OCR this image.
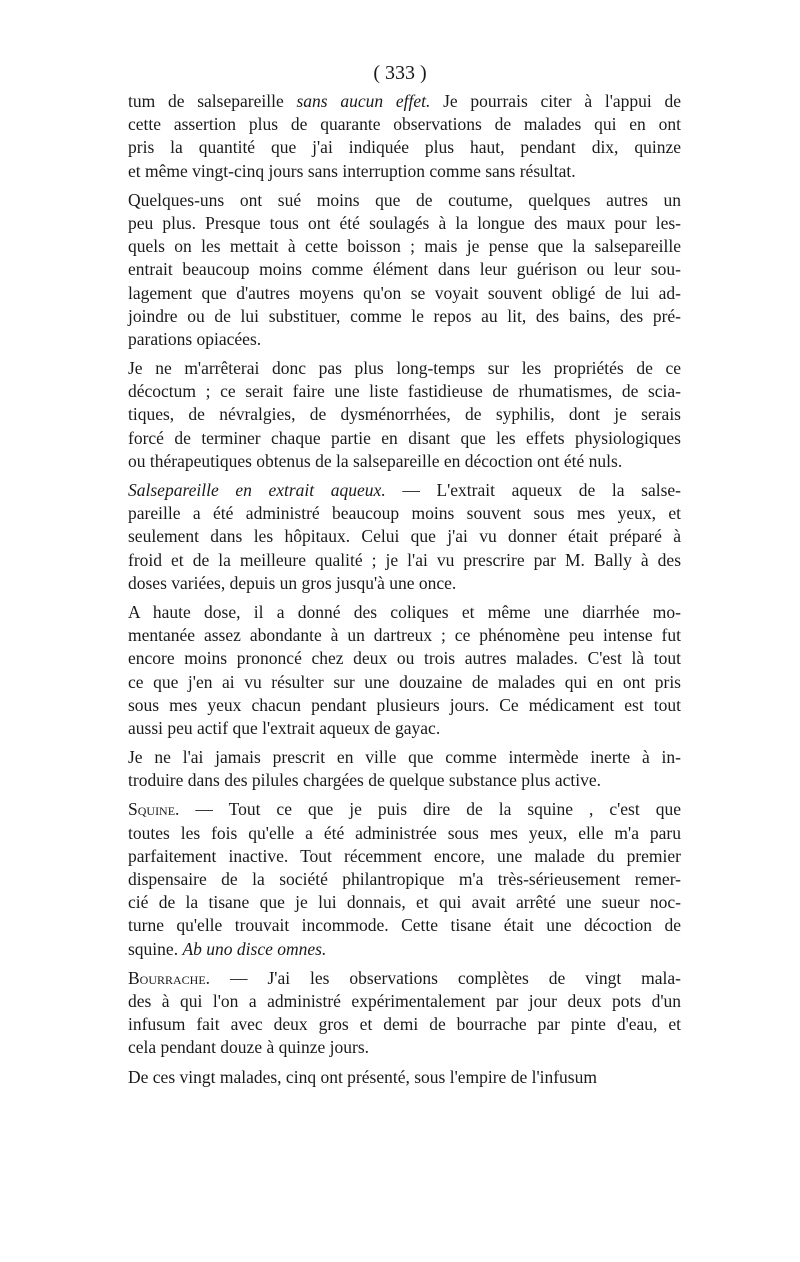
( 333 )
tum de salsepareille sans aucun effet. Je pourrais citer à l'appui de
cette assertion plus de quarante observations de malades qui en ont
pris la quantité que j'ai indiquée plus haut, pendant dix, quinze
et même vingt-cinq jours sans interruption comme sans résultat.
Quelques-uns ont sué moins que de coutume, quelques autres un
peu plus. Presque tous ont été soulagés à la longue des maux pour les-
quels on les mettait à cette boisson ; mais je pense que la salsepareille
entrait beaucoup moins comme élément dans leur guérison ou leur sou-
lagement que d'autres moyens qu'on se voyait souvent obligé de lui ad-
joindre ou de lui substituer, comme le repos au lit, des bains, des pré-
parations opiacées.
Je ne m'arrêterai donc pas plus long-temps sur les propriétés de ce
décoctum ; ce serait faire une liste fastidieuse de rhumatismes, de scia-
tiques, de névralgies, de dysménorrhées, de syphilis, dont je serais
forcé de terminer chaque partie en disant que les effets physiologiques
ou thérapeutiques obtenus de la salsepareille en décoction ont été nuls.
Salsepareille en extrait aqueux. — L'extrait aqueux de la salse-
pareille a été administré beaucoup moins souvent sous mes yeux, et
seulement dans les hôpitaux. Celui que j'ai vu donner était préparé à
froid et de la meilleure qualité ; je l'ai vu prescrire par M. Bally à des
doses variées, depuis un gros jusqu'à une once.
A haute dose, il a donné des coliques et même une diarrhée mo-
mentanée assez abondante à un dartreux ; ce phénomène peu intense fut
encore moins prononcé chez deux ou trois autres malades. C'est là tout
ce que j'en ai vu résulter sur une douzaine de malades qui en ont pris
sous mes yeux chacun pendant plusieurs jours. Ce médicament est tout
aussi peu actif que l'extrait aqueux de gayac.
Je ne l'ai jamais prescrit en ville que comme intermède inerte à in-
troduire dans des pilules chargées de quelque substance plus active.
Squine. — Tout ce que je puis dire de la squine , c'est que
toutes les fois qu'elle a été administrée sous mes yeux, elle m'a paru
parfaitement inactive. Tout récemment encore, une malade du premier
dispensaire de la société philantropique m'a très-sérieusement remer-
cié de la tisane que je lui donnais, et qui avait arrêté une sueur noc-
turne qu'elle trouvait incommode. Cette tisane était une décoction de
squine. Ab uno disce omnes.
Bourrache. — J'ai les observations complètes de vingt mala-
des à qui l'on a administré expérimentalement par jour deux pots d'un
infusum fait avec deux gros et demi de bourrache par pinte d'eau, et
cela pendant douze à quinze jours.
De ces vingt malades, cinq ont présenté, sous l'empire de l'infusum
